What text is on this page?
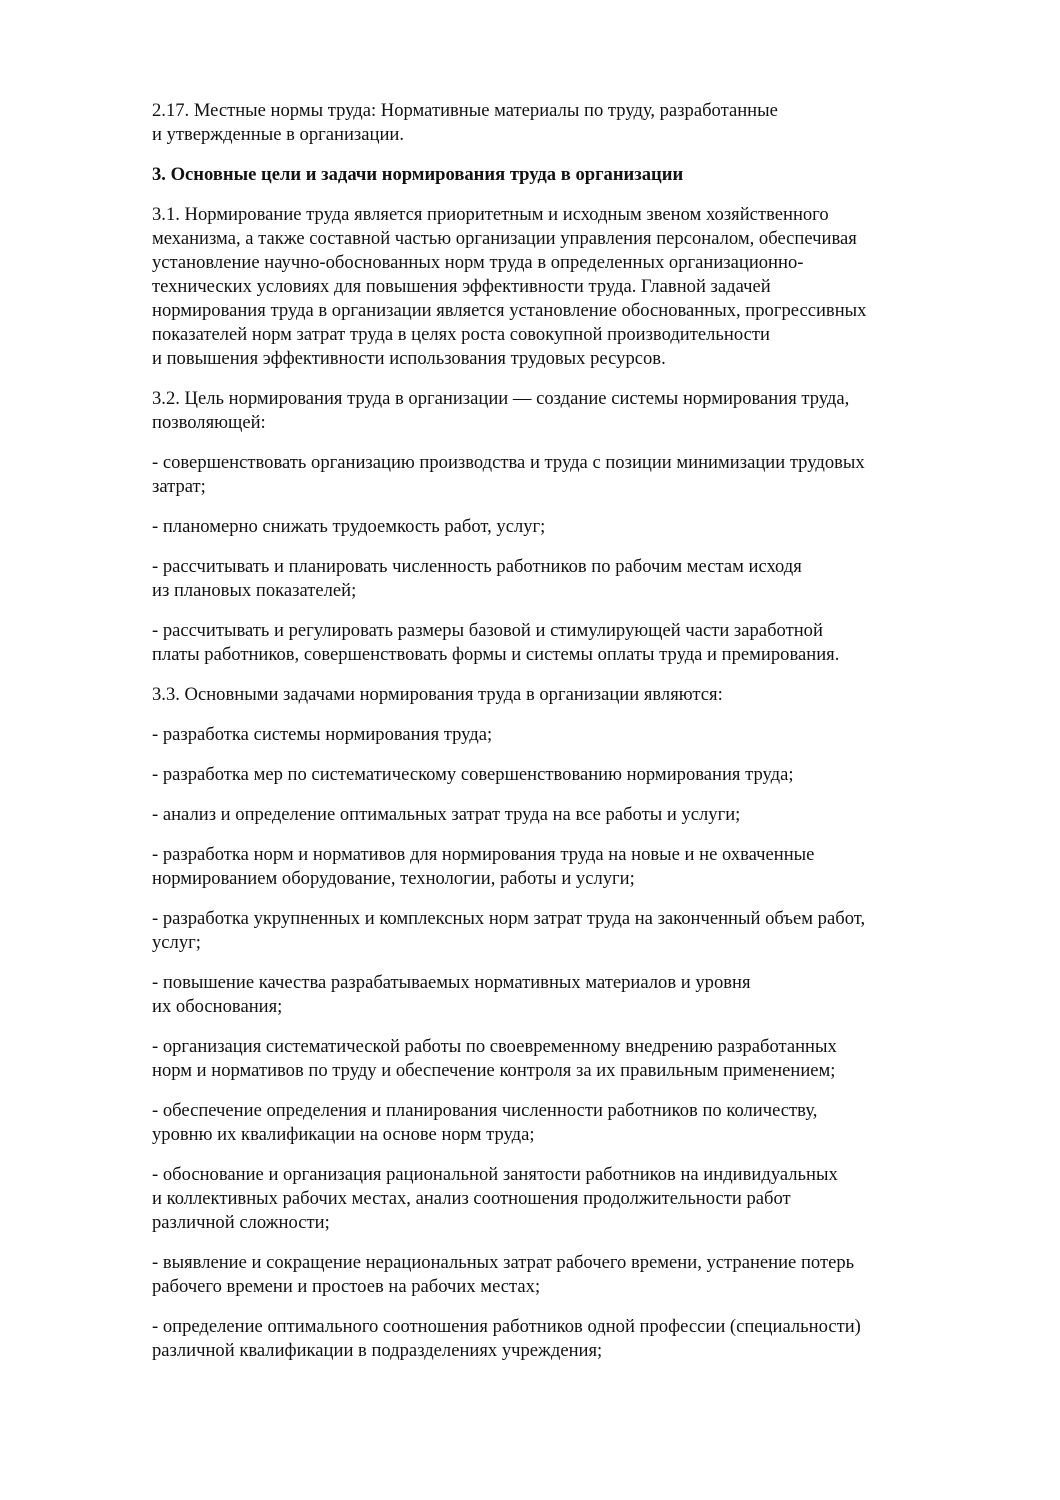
2.17. Местные нормы труда: Нормативные материалы по труду, разработанные
и утвержденные в организации.

3. Основные цели и задачи нормирования труда в организации

3.1. Нормирование труда является приоритетным и исходным звеном хозяйственного
механизма, а также составной частью организации управления персоналом, обеспечивая
установление научно-обоснованных норм труда в определенных организационно-
технических условиях для повышения эффективности труда. Главной задачей
нормирования труда в организации является установление обоснованных, прогрессивных
показателей норм затрат труда в целях роста совокупной производительности
и повышения эффективности использования трудовых ресурсов.

3.2. Цель нормирования труда в организации — создание системы нормирования труда,
позволяющей:

- совершенствовать организацию производства и труда с позиции минимизации трудовых
затрат;

- планомерно снижать трудоемкость работ, услуг;

- рассчитывать и планировать численность работников по рабочим местам исходя
из плановых показателей;

- рассчитывать и регулировать размеры базовой и стимулирующей части заработной
платы работников, совершенствовать формы и системы оплаты труда и премирования.

3.3. Основными задачами нормирования труда в организации являются:

- разработка системы нормирования труда;

- разработка мер по систематическому совершенствованию нормирования труда;

- анализ и определение оптимальных затрат труда на все работы и услуги;

- разработка норм и нормативов для нормирования труда на новые и не охваченные
нормированием оборудование, технологии, работы и услуги;

- разработка укрупненных и комплексных норм затрат труда на законченный объем работ,
услуг;

- повышение качества разрабатываемых нормативных материалов и уровня
их обоснования;

- организация систематической работы по своевременному внедрению разработанных
норм и нормативов по труду и обеспечение контроля за их правильным применением;

- обеспечение определения и планирования численности работников по количеству,
уровню их квалификации на основе норм труда;

- обоснование и организация рациональной занятости работников на индивидуальных
и коллективных рабочих местах, анализ соотношения продолжительности работ
различной сложности;

- выявление и сокращение нерациональных затрат рабочего времени, устранение потерь
рабочего времени и простоев на рабочих местах;

- определение оптимального соотношения работников одной профессии (специальности)
различной квалификации в подразделениях учреждения;
